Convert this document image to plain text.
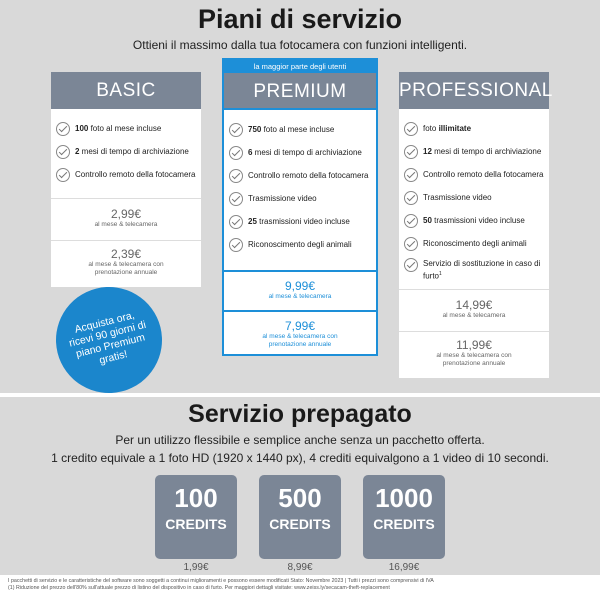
Piani di servizio
Ottieni il massimo dalla tua fotocamera con funzioni intelligenti.
BASIC
100 foto al mese incluse
2 mesi di tempo di archiviazione
Controllo remoto della fotocamera
2,99€
al mese & telecamera
2,39€
al mese & telecamera con prenotazione annuale
la maggior parte degli utenti
PREMIUM
750 foto al mese incluse
6 mesi di tempo di archiviazione
Controllo remoto della fotocamera
Trasmissione video
25 trasmissioni video incluse
Riconoscimento degli animali
9,99€
al mese & telecamera
7,99€
al mese & telecamera con prenotazione annuale
PROFESSIONAL
foto illimitate
12 mesi di tempo di archiviazione
Controllo remoto della fotocamera
Trasmissione video
50 trasmissioni video incluse
Riconoscimento degli animali
Servizio di sostituzione in caso di furto$^1$
14,99€
al mese & telecamera
11,99€
al mese & telecamera con prenotazione annuale
Acquista ora, ricevi 90 giorni di piano Premium gratis!
Servizio prepagato
Per un utilizzo flessibile e semplice anche senza un pacchetto offerta.
1 credito equivale a 1 foto HD (1920 x 1440 px), 4 crediti equivalgono a 1 video di 10 secondi.
100
CREDITS
1,99€
500
CREDITS
8,99€
1000
CREDITS
16,99€
I pacchetti di servizio e le caratteristiche del software sono soggetti a continui miglioramenti e possono essere modificati Stato: Novembre 2023 | Tutti i prezzi sono comprensivi di IVA
(1) Riduzione del prezzo dell'80% sull'attuale prezzo di listino del dispositivo in caso di furto. Per maggiori dettagli visitate: www.zeiss.ly/secacam-theft-replacement
